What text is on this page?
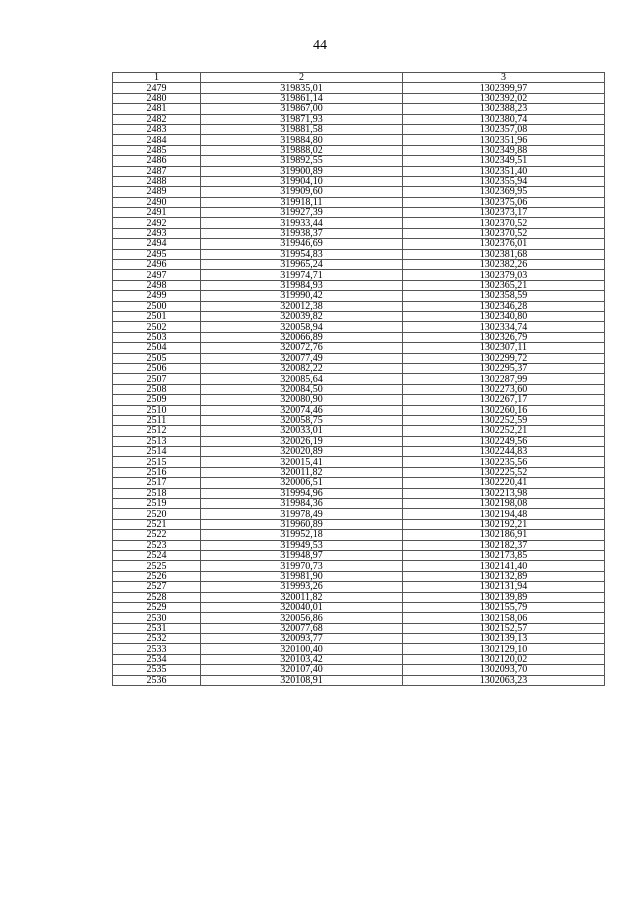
44
1	2	3
2479	319835,01	1302399,97
2480	319861,14	1302392,02
2481	319867,00	1302388,23
2482	319871,93	1302380,74
2483	319881,58	1302357,08
2484	319884,80	1302351,96
2485	319888,02	1302349,88
2486	319892,55	1302349,51
2487	319900,89	1302351,40
2488	319904,10	1302355,94
2489	319909,60	1302369,95
2490	319918,11	1302375,06
2491	319927,39	1302373,17
2492	319933,44	1302370,52
2493	319938,37	1302370,52
2494	319946,69	1302376,01
2495	319954,83	1302381,68
2496	319965,24	1302382,26
2497	319974,71	1302379,03
2498	319984,93	1302365,21
2499	319990,42	1302358,59
2500	320012,38	1302346,28
2501	320039,82	1302340,80
2502	320058,94	1302334,74
2503	320066,89	1302326,79
2504	320072,76	1302307,11
2505	320077,49	1302299,72
2506	320082,22	1302295,37
2507	320085,64	1302287,99
2508	320084,50	1302273,60
2509	320080,90	1302267,17
2510	320074,46	1302260,16
2511	320058,75	1302252,59
2512	320033,01	1302252,21
2513	320026,19	1302249,56
2514	320020,89	1302244,83
2515	320015,41	1302235,56
2516	320011,82	1302225,52
2517	320006,51	1302220,41
2518	319994,96	1302213,98
2519	319984,36	1302198,08
2520	319978,49	1302194,48
2521	319960,89	1302192,21
2522	319952,18	1302186,91
2523	319949,53	1302182,37
2524	319948,97	1302173,85
2525	319970,73	1302141,40
2526	319981,90	1302132,89
2527	319993,26	1302131,94
2528	320011,82	1302139,89
2529	320040,01	1302155,79
2530	320056,86	1302158,06
2531	320077,68	1302152,57
2532	320093,77	1302139,13
2533	320100,40	1302129,10
2534	320103,42	1302120,02
2535	320107,40	1302093,70
2536	320108,91	1302063,23
